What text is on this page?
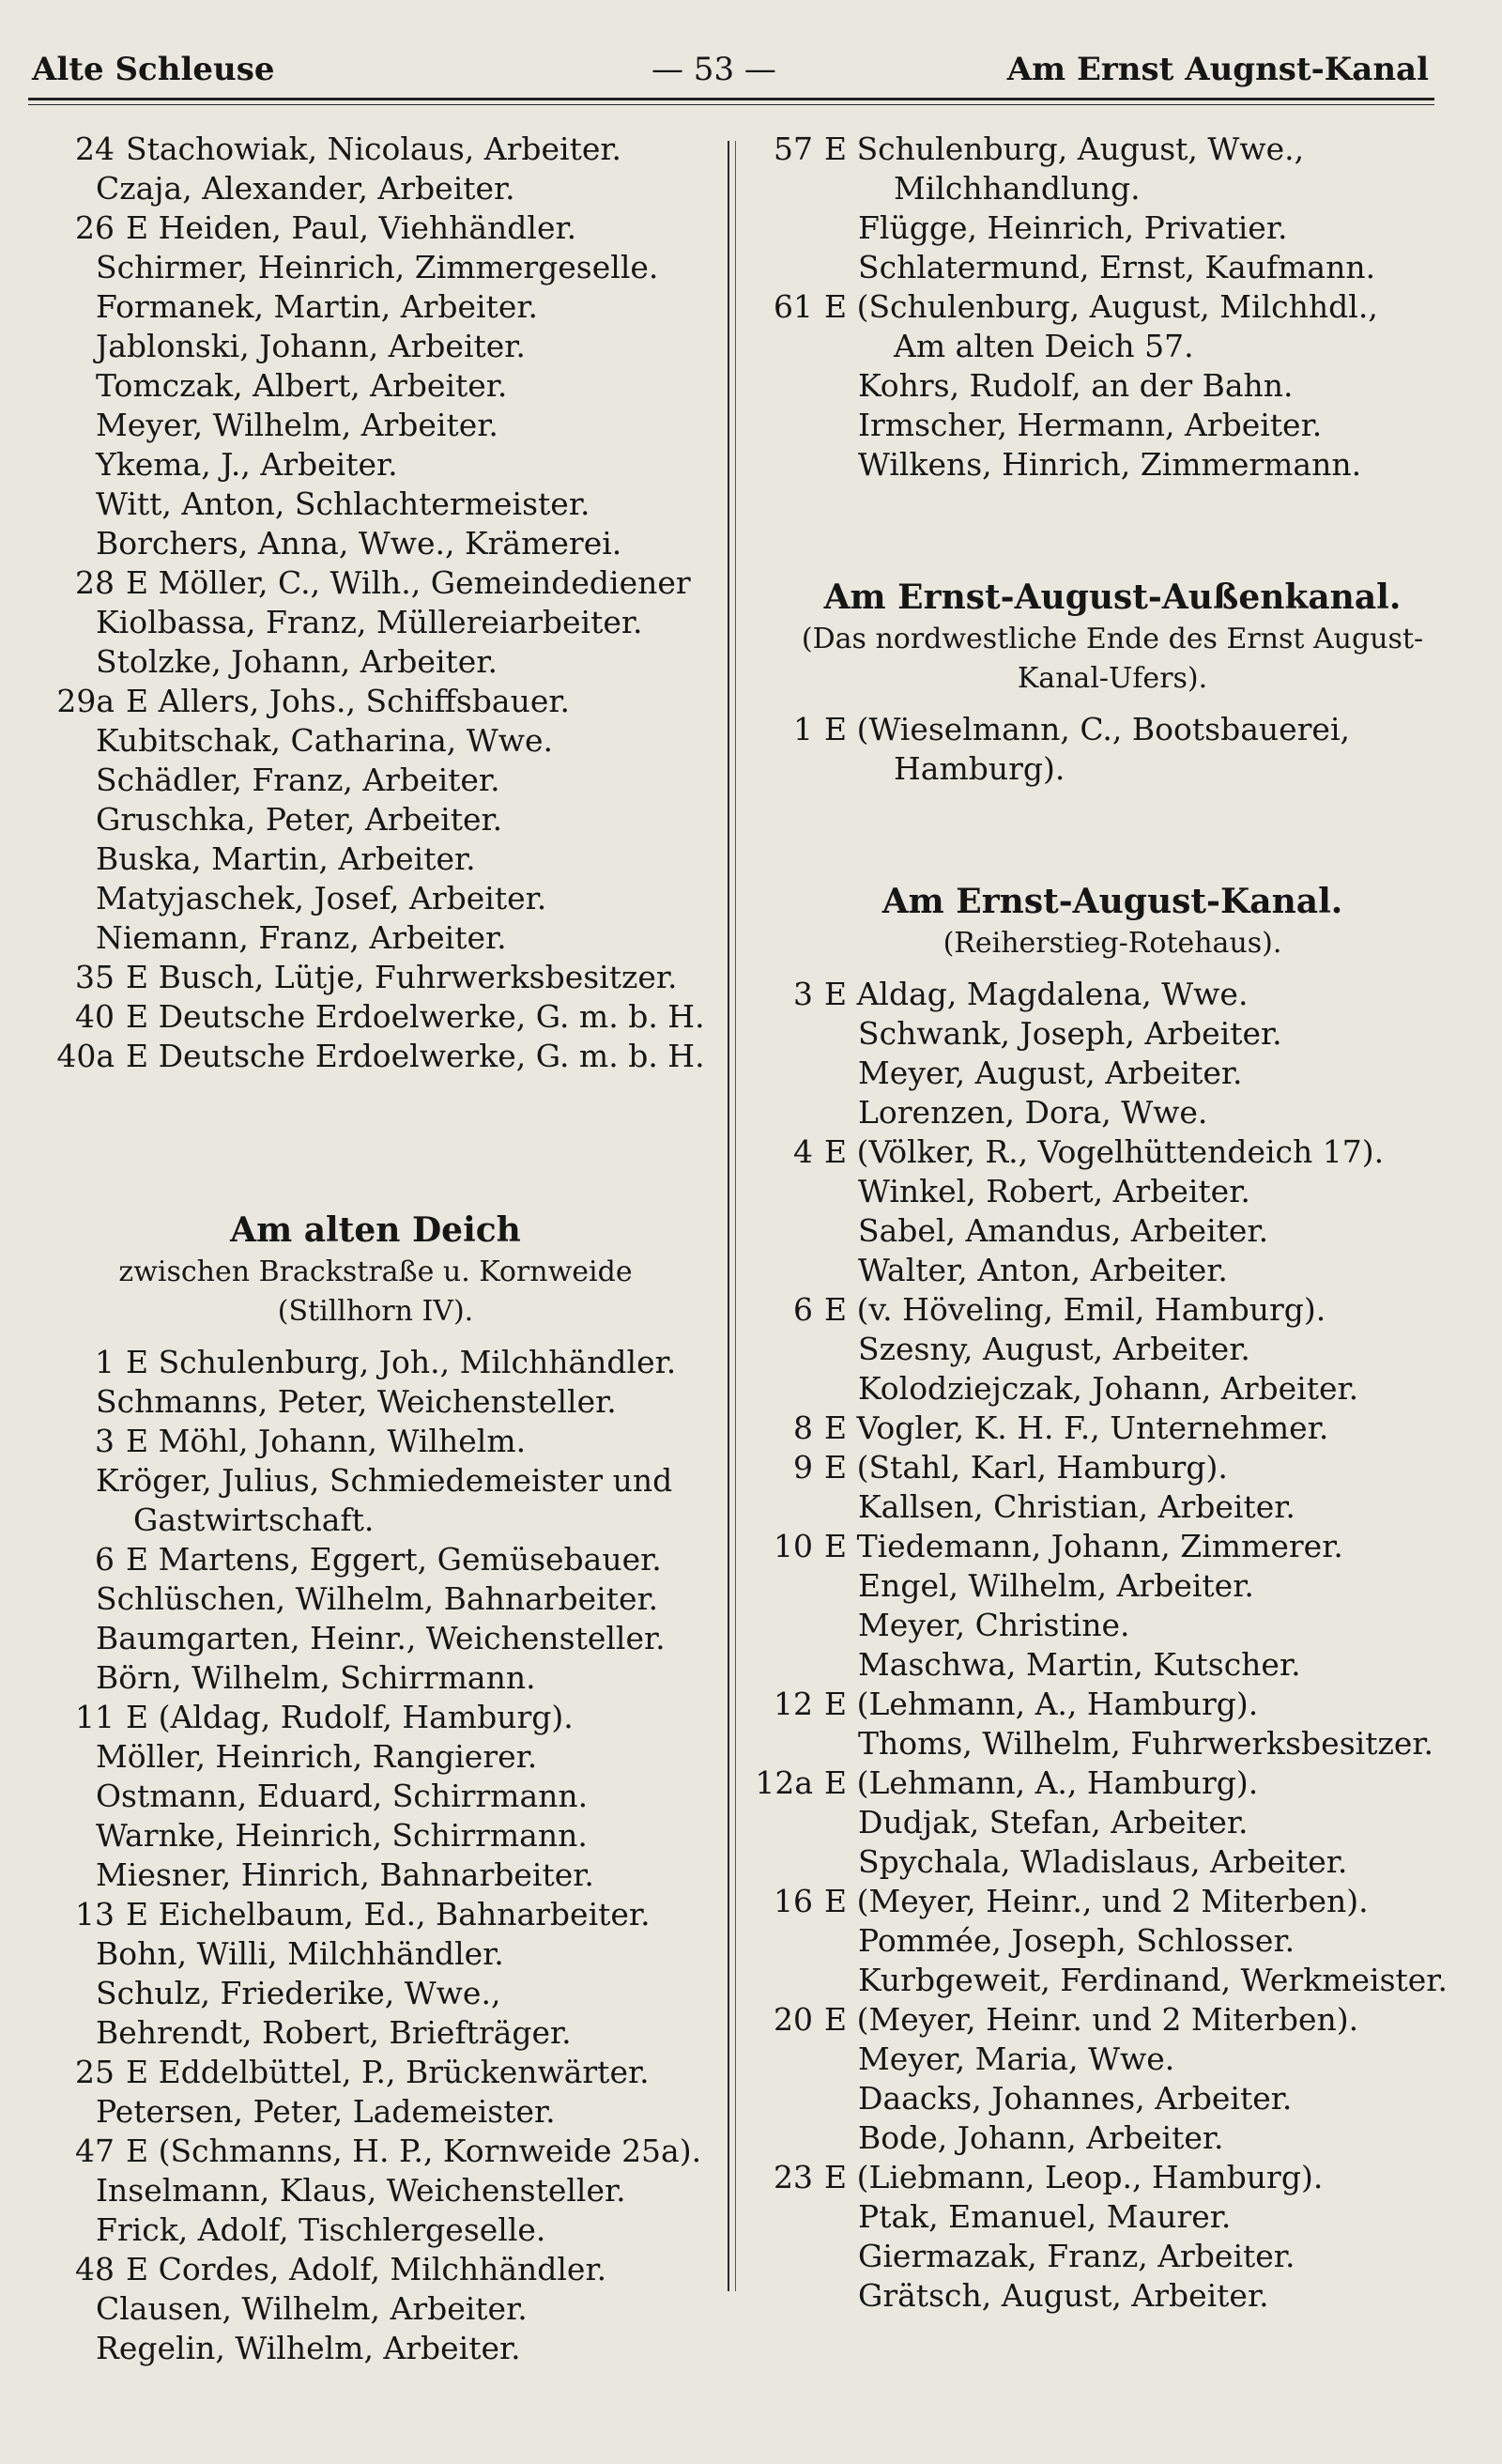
Alte Schleuse	— 53 —	Am Ernst Augnst-Kanal
24 Stachowiak, Nicolaus, Arbeiter.
Czaja, Alexander, Arbeiter.
26 E Heiden, Paul, Viehhändler.
Schirmer, Heinrich, Zimmergeselle.
Formanek, Martin, Arbeiter.
Jablonski, Johann, Arbeiter.
Tomczak, Albert, Arbeiter.
Meyer, Wilhelm, Arbeiter.
Ykema, J., Arbeiter.
Witt, Anton, Schlachtermeister.
Borchers, Anna, Wwe., Krämerei.
28 E Möller, C., Wilh., Gemeindediener
Kiolbassa, Franz, Müllereiarbeiter.
Stolzke, Johann, Arbeiter.
29a E Allers, Johs., Schiffsbauer.
Kubitschak, Catharina, Wwe.
Schädler, Franz, Arbeiter.
Gruschka, Peter, Arbeiter.
Buska, Martin, Arbeiter.
Matyjaschek, Josef, Arbeiter.
Niemann, Franz, Arbeiter.
35 E Busch, Lütje, Fuhrwerksbesitzer.
40 E Deutsche Erdoelwerke, G. m. b. H.
40a E Deutsche Erdoelwerke, G. m. b. H.
Am alten Deich
zwischen Brackstraße u. Kornweide
(Stillhorn IV).
1 E Schulenburg, Joh., Milchhändler.
Schmanns, Peter, Weichensteller.
3 E Möhl, Johann, Wilhelm.
Kröger, Julius, Schmiedemeister und
Gastwirtschaft.
6 E Martens, Eggert, Gemüsebauer.
Schlüschen, Wilhelm, Bahnarbeiter.
Baumgarten, Heinr., Weichensteller.
Börn, Wilhelm, Schirrmann.
11 E (Aldag, Rudolf, Hamburg).
Möller, Heinrich, Rangierer.
Ostmann, Eduard, Schirrmann.
Warnke, Heinrich, Schirrmann.
Miesner, Hinrich, Bahnarbeiter.
13 E Eichelbaum, Ed., Bahnarbeiter.
Bohn, Willi, Milchhändler.
Schulz, Friederike, Wwe.,
Behrendt, Robert, Briefträger.
25 E Eddelbüttel, P., Brückenwärter.
Petersen, Peter, Lademeister.
47 E (Schmanns, H. P., Kornweide 25a).
Inselmann, Klaus, Weichensteller.
Frick, Adolf, Tischlergeselle.
48 E Cordes, Adolf, Milchhändler.
Clausen, Wilhelm, Arbeiter.
Regelin, Wilhelm, Arbeiter.
57 E Schulenburg, August, Wwe.,
Milchhandlung.
Flügge, Heinrich, Privatier.
Schlatermund, Ernst, Kaufmann.
61 E (Schulenburg, August, Milchhdl.,
Am alten Deich 57.
Kohrs, Rudolf, an der Bahn.
Irmscher, Hermann, Arbeiter.
Wilkens, Hinrich, Zimmermann.
Am Ernst-August-Außenkanal.
(Das nordwestliche Ende des Ernst August-
Kanal-Ufers).
1 E (Wieselmann, C., Bootsbauerei,
Hamburg).
Am Ernst-August-Kanal.
(Reiherstieg-Rotehaus).
3 E Aldag, Magdalena, Wwe.
Schwank, Joseph, Arbeiter.
Meyer, August, Arbeiter.
Lorenzen, Dora, Wwe.
4 E (Völker, R., Vogelhüttendeich 17).
Winkel, Robert, Arbeiter.
Sabel, Amandus, Arbeiter.
Walter, Anton, Arbeiter.
6 E (v. Höveling, Emil, Hamburg).
Szesny, August, Arbeiter.
Kolodziejczak, Johann, Arbeiter.
8 E Vogler, K. H. F., Unternehmer.
9 E (Stahl, Karl, Hamburg).
Kallsen, Christian, Arbeiter.
10 E Tiedemann, Johann, Zimmerer.
Engel, Wilhelm, Arbeiter.
Meyer, Christine.
Maschwa, Martin, Kutscher.
12 E (Lehmann, A., Hamburg).
Thoms, Wilhelm, Fuhrwerksbesitzer.
12a E (Lehmann, A., Hamburg).
Dudjak, Stefan, Arbeiter.
Spychala, Wladislaus, Arbeiter.
16 E (Meyer, Heinr., und 2 Miterben).
Pommée, Joseph, Schlosser.
Kurbgeweit, Ferdinand, Werkmeister.
20 E (Meyer, Heinr. und 2 Miterben).
Meyer, Maria, Wwe.
Daacks, Johannes, Arbeiter.
Bode, Johann, Arbeiter.
23 E (Liebmann, Leop., Hamburg).
Ptak, Emanuel, Maurer.
Giermazak, Franz, Arbeiter.
Grätsch, August, Arbeiter.
